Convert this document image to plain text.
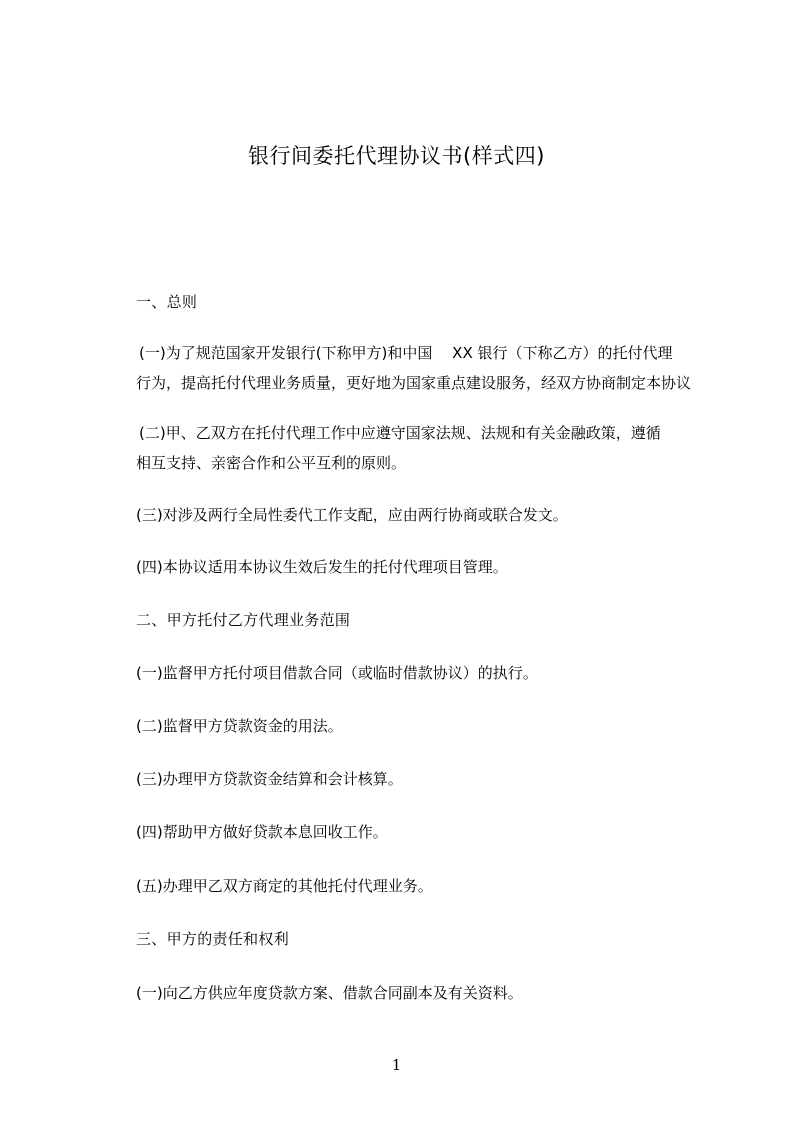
银行间委托代理协议书(样式四)
一、总则
(一)为了规范国家开发银行(下称甲方)和中国　 XX 银行（下称乙方）的托付代理
行为，提高托付代理业务质量，更好地为国家重点建设服务，经双方协商制定本协议
(二)甲、乙双方在托付代理工作中应遵守国家法规、法规和有关金融政策，遵循
相互支持、亲密合作和公平互利的原则。
(三)对涉及两行全局性委代工作支配，应由两行协商或联合发文。
(四)本协议适用本协议生效后发生的托付代理项目管理。
二、甲方托付乙方代理业务范围
(一)监督甲方托付项目借款合同（或临时借款协议）的执行。
(二)监督甲方贷款资金的用法。
(三)办理甲方贷款资金结算和会计核算。
(四)帮助甲方做好贷款本息回收工作。
(五)办理甲乙双方商定的其他托付代理业务。
三、甲方的责任和权利
(一)向乙方供应年度贷款方案、借款合同副本及有关资料。
1
